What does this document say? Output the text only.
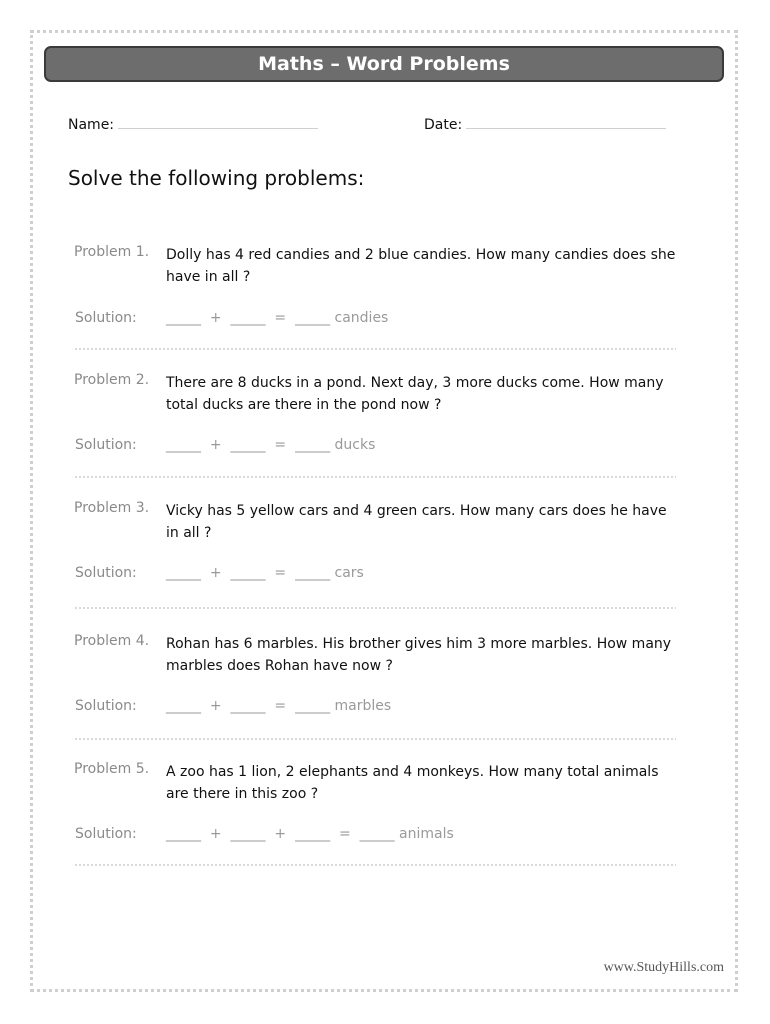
Maths – Word Problems
Name:	Date:
Solve the following problems:
Problem 1. Dolly has 4 red candies and 2 blue candies. How many candies does she have in all ?
Solution: _____  +  _____  =  _____ candies
Problem 2. There are 8 ducks in a pond. Next day, 3 more ducks come. How many total ducks are there in the pond now ?
Solution: _____  +  _____  =  _____ ducks
Problem 3. Vicky has 5 yellow cars and 4 green cars. How many cars does he have in all ?
Solution: _____  +  _____  =  _____ cars
Problem 4. Rohan has 6 marbles. His brother gives him 3 more marbles. How many marbles does Rohan have now ?
Solution: _____  +  _____  =  _____ marbles
Problem 5. A zoo has 1 lion, 2 elephants and 4 monkeys. How many total animals are there in this zoo ?
Solution: _____  +  _____  +  _____  =  _____ animals
www.StudyHills.com
